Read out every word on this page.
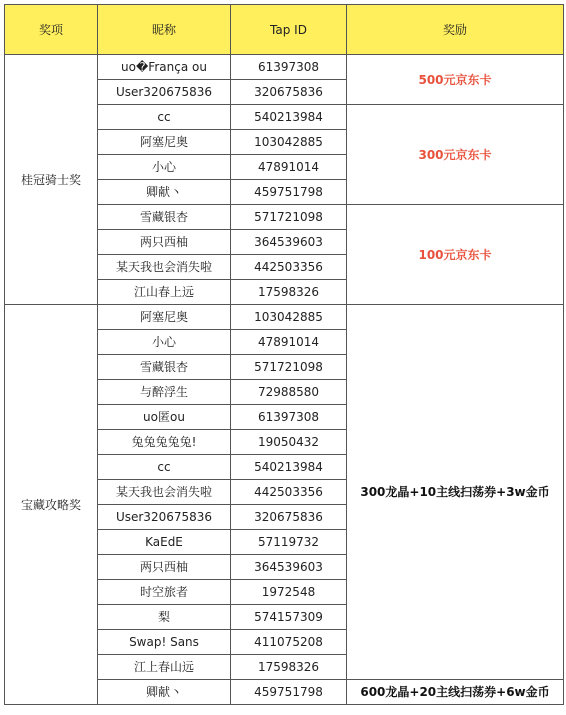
奖项	昵称	Tap ID	奖励
桂冠骑士奖	uo�França ou	61397308	500元京东卡
	User320675836	320675836	
	cc	540213984	300元京东卡
	阿塞尼奥	103042885	
	小心	47891014	
	卿献丶	459751798	
	雪藏银杏	571721098	100元京东卡
	两只西柚	364539603	
	某天我也会消失啦	442503356	
	江山春上远	17598326	
宝藏攻略奖	阿塞尼奥	103042885	300龙晶+10主线扫荡券+3w金币
	小心	47891014	
	雪藏银杏	571721098	
	与醉浮生	72988580	
	uo匿ou	61397308	
	兔兔兔兔兔!	19050432	
	cc	540213984	
	某天我也会消失啦	442503356	
	User320675836	320675836	
	KaEdE	57119732	
	两只西柚	364539603	
	时空旅者	1972548	
	梨	574157309	
	Swap! Sans	411075208	
	江上春山远	17598326	
	卿献丶	459751798	600龙晶+20主线扫荡券+6w金币
